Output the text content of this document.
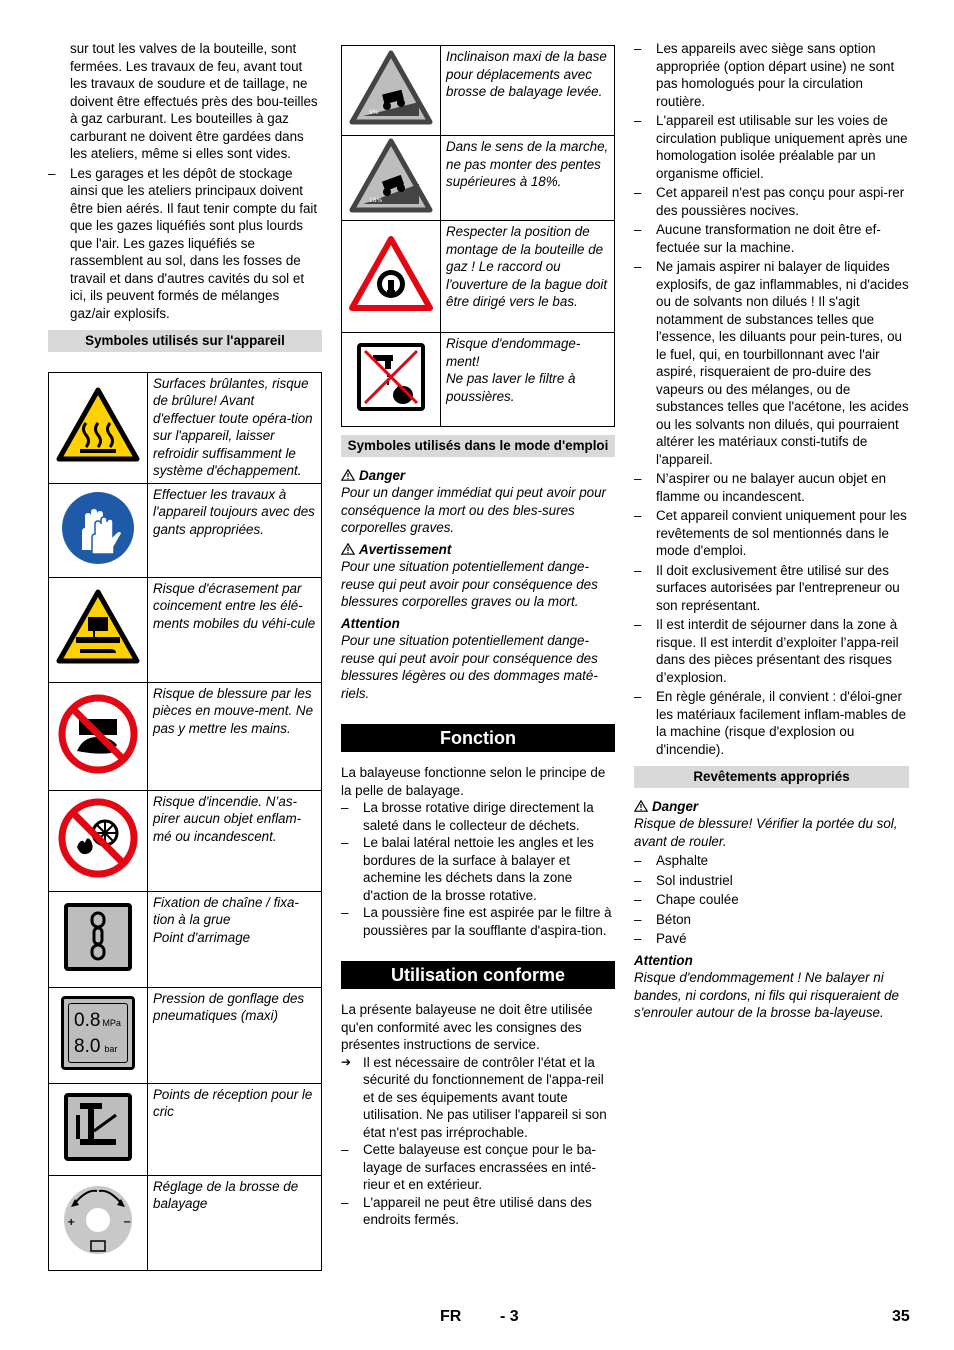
sur tout les valves de la bouteille, sont fermées. Les travaux de feu, avant tout les travaux de soudure et de taillage, ne doivent être effectués près des bou-teilles à gaz carburant. Les bouteilles à gaz carburant ne doivent être gardées dans les ateliers, même si elles sont vides.

– Les garages et les dépôt de stockage ainsi que les ateliers principaux doivent être bien aérés. Il faut tenir compte du fait que les gazes liquéfiés sont plus lourds que l'air. Les gazes liquéfiés se rassemblent au sol, dans les fosses de travail et dans d'autres cavités du sol et ici, ils peuvent formés de mélanges gaz/air explosifs.

Symboles utilisés sur l'appareil
	Surfaces brûlantes, risque de brûlure! Avant d'effectuer toute opéra-tion sur l'appareil, laisser refroidir suffisamment le système d'échappement.
	Effectuer les travaux à l'appareil toujours avec des gants appropriées.
	Risque d'écrasement par coincement entre les élé-ments mobiles du véhi-cule
	Risque de blessure par les pièces en mouve-ment. Ne pas y mettre les mains.
	Risque d'incendie. N’as-pirer aucun objet enflam-mé ou incandescent.
	Fixation de chaîne / fixa-tion à la grue
Point d'arrimage

0.8 MPa
8.0 bar	Pression de gonflage des pneumatiques (maxi)
	Points de réception pour le cric

+ −	Réglage de la brosse de balayage
9%	Inclinaison maxi de la base pour déplacements avec brosse de balayage levée.

18%	Dans le sens de la marche, ne pas monter des pentes supérieures à 18%.
	Respecter la position de montage de la bouteille de gaz ! Le raccord ou l'ouverture de la bague doit être dirigé vers le bas.
	Risque d'endommage-ment!
Ne pas laver le filtre à poussières.
Symboles utilisés dans le mode d'emploi
Danger

Pour un danger immédiat qui peut avoir pour conséquence la mort ou des bles-sures corporelles graves.

Avertissement

Pour une situation potentiellement dange-reuse qui peut avoir pour conséquence des blessures corporelles graves ou la mort.

Attention

Pour une situation potentiellement dange-reuse qui peut avoir pour conséquence des blessures légères ou des dommages maté-riels.

Fonction

La balayeuse fonctionne selon le principe de la pelle de balayage.

– La brosse rotative dirige directement la saleté dans le collecteur de déchets.

– Le balai latéral nettoie les angles et les bordures de la surface à balayer et achemine les déchets dans la zone d'action de la brosse rotative.

– La poussière fine est aspirée par le filtre à poussières par la soufflante d'aspira-tion.

Utilisation conforme

La présente balayeuse ne doit être utilisée qu'en conformité avec les consignes des présentes instructions de service.

➔ Il est nécessaire de contrôler l'état et la sécurité du fonctionnement de l'appa-reil et de ses équipements avant toute utilisation. Ne pas utiliser l'appareil si son état n'est pas irréprochable.

– Cette balayeuse est conçue pour le ba-layage de surfaces encrassées en inté-rieur et en extérieur.

– L'appareil ne peut être utilisé dans des endroits fermés.

– Les appareils avec siège sans option appropriée (option départ usine) ne sont pas homologués pour la circulation routière.

– L'appareil est utilisable sur les voies de circulation publique uniquement après une homologation isolée préalable par un organisme officiel.

– Cet appareil n'est pas conçu pour aspi-rer des poussières nocives.

– Aucune transformation ne doit être ef-fectuée sur la machine.

– Ne jamais aspirer ni balayer de liquides explosifs, de gaz inflammables, ni d'acides ou de solvants non dilués ! Il s'agit notamment de substances telles que l'essence, les diluants pour pein-tures, ou le fuel, qui, en tourbillonnant avec l'air aspiré, risqueraient de pro-duire des vapeurs ou des mélanges, ou de substances telles que l'acétone, les acides ou les solvants non dilués, qui pourraient altérer les matériaux consti-tutifs de l'appareil.

– N’aspirer ou ne balayer aucun objet en flamme ou incandescent.

– Cet appareil convient uniquement pour les revêtements de sol mentionnés dans le mode d'emploi.

– Il doit exclusivement être utilisé sur des surfaces autorisées par l'entrepreneur ou son représentant.

– Il est interdit de séjourner dans la zone à risque. Il est interdit d’exploiter l’appa-reil dans des pièces présentant des risques d’explosion.

– En règle générale, il convient : d'éloi-gner les matériaux facilement inflam-mables de la machine (risque d'explosion ou d'incendie).

Revêtements appropriés
Danger

Risque de blessure! Vérifier la portée du sol, avant de rouler.

– Asphalte

– Sol industriel

– Chape coulée

– Béton

– Pavé

Attention

Risque d'endommagement ! Ne balayer ni bandes, ni cordons, ni fils qui risqueraient de s'enrouler autour de la brosse ba-layeuse.

FR - 3	35
